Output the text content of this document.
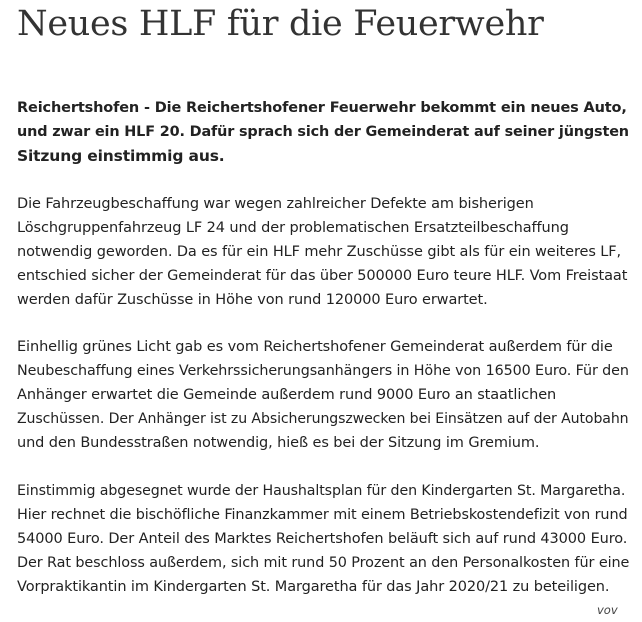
Neues HLF für die Feuerwehr

Reichertshofen - Die Reichertshofener Feuerwehr bekommt ein neues Auto,
und zwar ein HLF 20. Dafür sprach sich der Gemeinderat auf seiner jüngsten
Sitzung einstimmig aus.

Die Fahrzeugbeschaffung war wegen zahlreicher Defekte am bisherigen
Löschgruppenfahrzeug LF 24 und der problematischen Ersatzteilbeschaffung
notwendig geworden. Da es für ein HLF mehr Zuschüsse gibt als für ein weiteres LF,
entschied sicher der Gemeinderat für das über 500000 Euro teure HLF. Vom Freistaat
werden dafür Zuschüsse in Höhe von rund 120000 Euro erwartet.

Einhellig grünes Licht gab es vom Reichertshofener Gemeinderat außerdem für die
Neubeschaffung eines Verkehrssicherungsanhängers in Höhe von 16500 Euro. Für den
Anhänger erwartet die Gemeinde außerdem rund 9000 Euro an staatlichen
Zuschüssen. Der Anhänger ist zu Absicherungszwecken bei Einsätzen auf der Autobahn
und den Bundesstraßen notwendig, hieß es bei der Sitzung im Gremium.

Einstimmig abgesegnet wurde der Haushaltsplan für den Kindergarten St. Margaretha.
Hier rechnet die bischöfliche Finanzkammer mit einem Betriebskostendefizit von rund
54000 Euro. Der Anteil des Marktes Reichertshofen beläuft sich auf rund 43000 Euro.
Der Rat beschloss außerdem, sich mit rund 50 Prozent an den Personalkosten für eine
Vorpraktikantin im Kindergarten St. Margaretha für das Jahr 2020/21 zu beteiligen.

vov
